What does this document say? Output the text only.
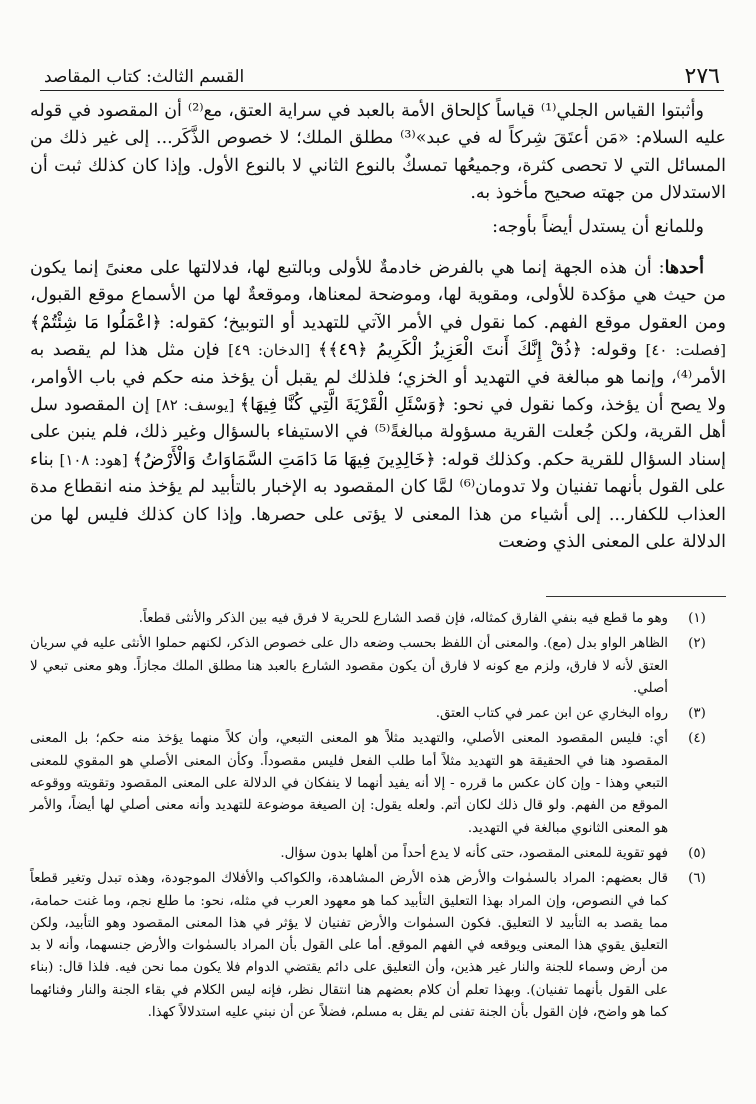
٢٧٦
القسم الثالث: كتاب المقاصد

وأثبتوا القياس الجلي⁽¹⁾ قياساً كإلحاق الأمة بالعبد في سراية العتق، مع⁽²⁾ أن المقصود في قوله عليه السلام: «مَن أعتَقَ شِركاً له في عبد»⁽³⁾ مطلق الملك؛ لا خصوص الذَّكَر... إلى غير ذلك من المسائل التي لا تحصى كثرة، وجميعُها تمسكٌ بالنوع الثاني لا بالنوع الأول. وإذا كان كذلك ثبت أن الاستدلال من جهته صحيح مأخوذ به.

وللمانع أن يستدل أيضاً بأوجه:

أحدها: أن هذه الجهة إنما هي بالفرض خادمةٌ للأولى وبالتبع لها، فدلالتها على معنىً إنما يكون من حيث هي مؤكدة للأولى، ومقوية لها، وموضحة لمعناها، وموقعةٌ لها من الأسماع موقع القبول، ومن العقول موقع الفهم. كما نقول في الأمر الآتي للتهديد أو التوبيخ؛ كقوله: ﴿اعْمَلُوا مَا شِئْتُمْ﴾ [فصلت: ٤٠] وقوله: ﴿ذُقْ إِنَّكَ أَنتَ الْعَزِيزُ الْكَرِيمُ ﴿٤٩﴾﴾ [الدخان: ٤٩] فإن مثل هذا لم يقصد به الأمر⁽⁴⁾، وإنما هو مبالغة في التهديد أو الخزي؛ فلذلك لم يقبل أن يؤخذ منه حكم في باب الأوامر، ولا يصح أن يؤخذ، وكما نقول في نحو: ﴿وَسْئَلِ الْقَرْيَةَ الَّتِي كُنَّا فِيهَا﴾ [يوسف: ٨٢] إن المقصود سل أهل القرية، ولكن جُعلت القرية مسؤولة مبالغةً⁽⁵⁾ في الاستيفاء بالسؤال وغير ذلك، فلم ينبن على إسناد السؤال للقرية حكم. وكذلك قوله: ﴿خَالِدِينَ فِيهَا مَا دَامَتِ السَّمَاوَاتُ وَالْأَرْضُ﴾ [هود: ١٠٨] بناء على القول بأنهما تفنيان ولا تدومان⁽⁶⁾ لمَّا كان المقصود به الإخبار بالتأبيد لم يؤخذ منه انقطاع مدة العذاب للكفار... إلى أشياء من هذا المعنى لا يؤتى على حصرها. وإذا كان كذلك فليس لها من الدلالة على المعنى الذي وضعت

(١)
وهو ما قطع فيه بنفي الفارق كمثاله، فإن قصد الشارع للحرية لا فرق فيه بين الذكر والأنثى قطعاً.
(٢)
الظاهر الواو بدل (مع). والمعنى أن اللفظ بحسب وضعه دال على خصوص الذكر، لكنهم حملوا الأنثى عليه في سريان العتق لأنه لا فارق، ولزم مع كونه لا فارق أن يكون مقصود الشارع بالعبد هنا مطلق الملك مجازاً. وهو معنى تبعي لا أصلي.
(٣)
رواه البخاري عن ابن عمر في كتاب العتق.
(٤)
أي: فليس المقصود المعنى الأصلي، والتهديد مثلاً هو المعنى التبعي، وأن كلاً منهما يؤخذ منه حكم؛ بل المعنى المقصود هنا في الحقيقة هو التهديد مثلاً أما طلب الفعل فليس مقصوداً. وكأن المعنى الأصلي هو المقوي للمعنى التبعي وهذا - وإن كان عكس ما قرره - إلا أنه يفيد أنهما لا ينفكان في الدلالة على المعنى المقصود وتقويته ووقوعه الموقع من الفهم. ولو قال ذلك لكان أتم. ولعله يقول: إن الصيغة موضوعة للتهديد وأنه معنى أصلي لها أيضاً، والأمر هو المعنى الثانوي مبالغة في التهديد.
(٥)
فهو تقوية للمعنى المقصود، حتى كأنه لا يدع أحداً من أهلها بدون سؤال.
(٦)
قال بعضهم: المراد بالسمٰوات والأرض هذه الأرض المشاهدة، والكواكب والأفلاك الموجودة، وهذه تبدل وتغير قطعاً كما في النصوص، وإن المراد بهذا التعليق التأبيد كما هو معهود العرب في مثله، نحو: ما طلع نجم، وما غنت حمامة، مما يقصد به التأبيد لا التعليق. فكون السمٰوات والأرض تفنيان لا يؤثر في هذا المعنى المقصود وهو التأبيد، ولكن التعليق يقوي هذا المعنى ويوقعه في الفهم الموقع. أما على القول بأن المراد بالسمٰوات والأرض جنسهما، وأنه لا بد من أرض وسماء للجنة والنار غير هذين، وأن التعليق على دائم يقتضي الدوام فلا يكون مما نحن فيه. فلذا قال: (بناء على القول بأنهما تفنيان). وبهذا تعلم أن كلام بعضهم هنا انتقال نظر، فإنه ليس الكلام في بقاء الجنة والنار وفنائهما كما هو واضح، فإن القول بأن الجنة تفنى لم يقل به مسلم، فضلاً عن أن نبني عليه استدلالاً كهذا.
